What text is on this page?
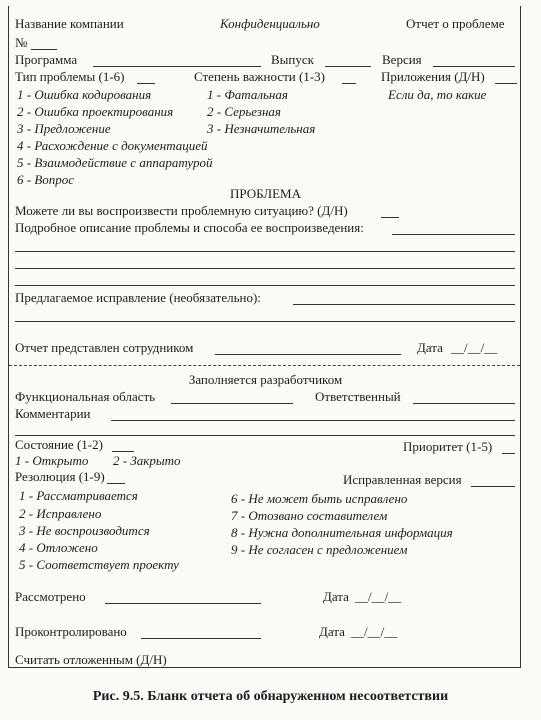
Название компании	Конфиденциально	Отчет о проблеме
№
Программа	Выпуск	Версия
Тип проблемы (1-6)	Степень важности (1-3)	Приложения (Д/Н)
1 - Ошибка кодирования
2 - Ошибка проектирования
3 - Предложение
4 - Расхождение с документацией
5 - Взаимодействие с аппаратурой
6 - Вопрос
1 - Фатальная
2 - Серьезная
3 - Незначительная
Если да, то какие
ПРОБЛЕМА
Можете ли вы воспроизвести проблемную ситуацию? (Д/Н)
Подробное описание проблемы и способа ее воспроизведения:
Предлагаемое исправление (необязательно):
Отчет представлен сотрудником	Дата __/__/__
Заполняется разработчиком
Функциональная область	Ответственный
Комментарии
Состояние (1-2)	Приоритет (1-5)
1 - Открыто 2 - Закрыто
Резолюция (1-9)	Исправленная версия
1 - Рассматривается
2 - Исправлено
3 - Не воспроизводится
4 - Отложено
5 - Соответствует проекту
6 - Не может быть исправлено
7 - Отозвано составителем
8 - Нужна дополнительная информация
9 - Не согласен с предложением
Рассмотрено	Дата __/__/__
Проконтролировано	Дата __/__/__
Считать отложенным (Д/Н)
Рис. 9.5. Бланк отчета об обнаруженном несоответствии
